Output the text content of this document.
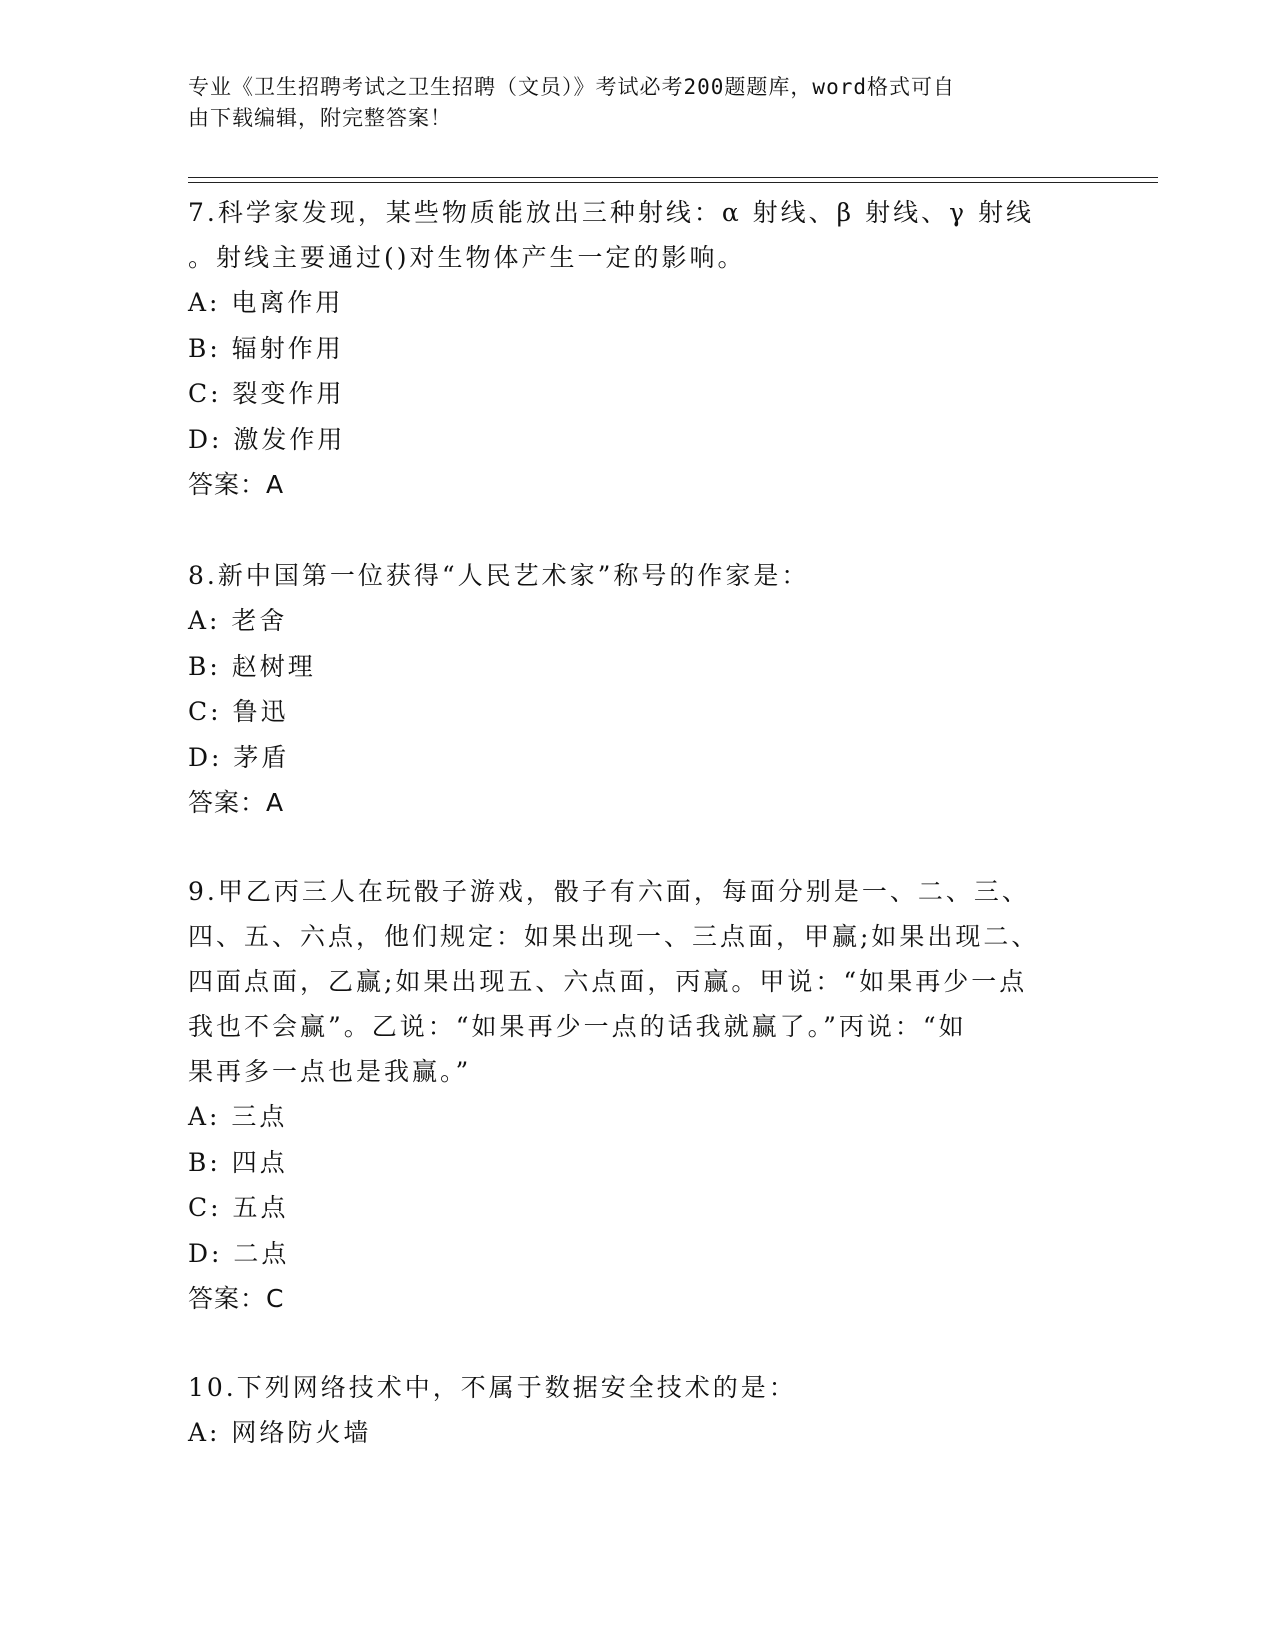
专业《卫生招聘考试之卫生招聘（文员）》考试必考200题题库，word格式可自
由下载编辑，附完整答案！

7.科学家发现，某些物质能放出三种射线：α 射线、β 射线、γ 射线

。射线主要通过()对生物体产生一定的影响。

A: 电离作用

B: 辐射作用

C: 裂变作用

D: 激发作用

答案：A

8.新中国第一位获得“人民艺术家”称号的作家是：

A: 老舍

B: 赵树理

C: 鲁迅

D: 茅盾

答案：A

9.甲乙丙三人在玩骰子游戏，骰子有六面，每面分别是一、二、三、

四、五、六点，他们规定：如果出现一、三点面，甲赢;如果出现二、

四面点面，乙赢;如果出现五、六点面，丙赢。甲说：“如果再少一点

我也不会赢”。乙说：“如果再少一点的话我就赢了。”丙说：“如

果再多一点也是我赢。”

A: 三点

B: 四点

C: 五点

D: 二点

答案：C

10.下列网络技术中，不属于数据安全技术的是：

A: 网络防火墙
